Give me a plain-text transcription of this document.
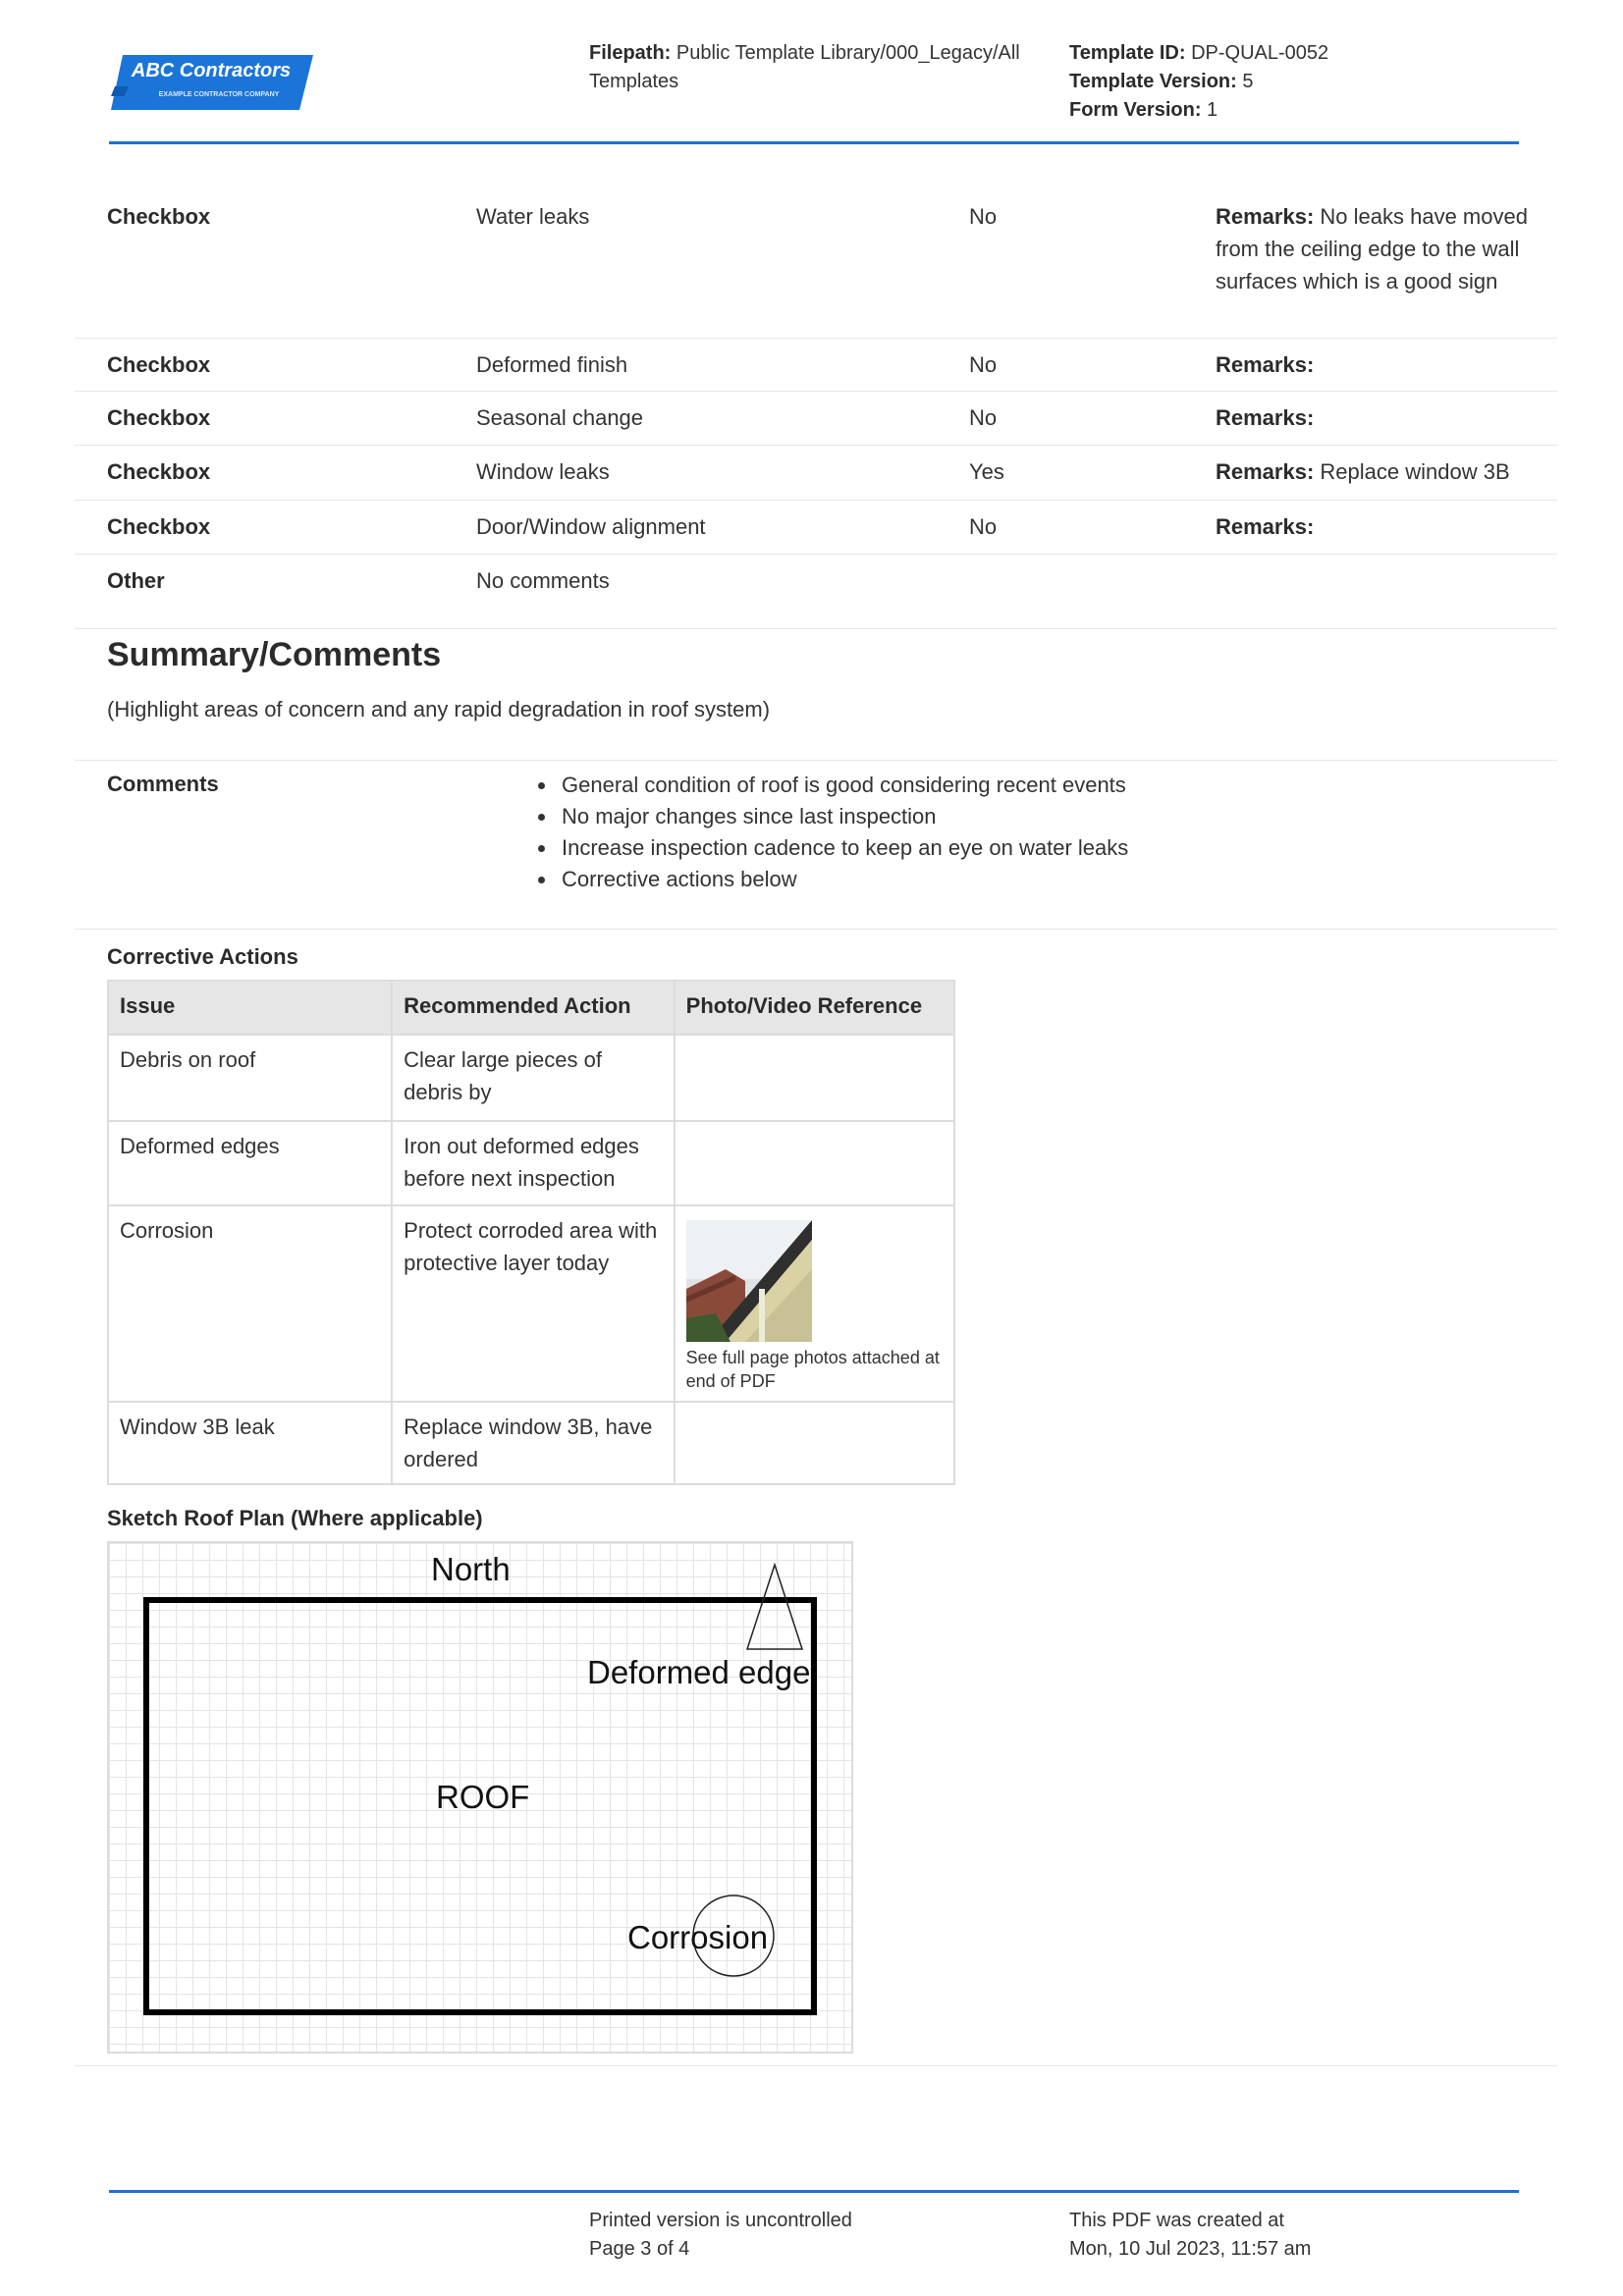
ABC Contractors
EXAMPLE CONTRACTOR COMPANY
Filepath: Public Template Library/000_Legacy/All
Templates
Template ID: DP-QUAL-0052
Template Version: 5
Form Version: 1
Checkbox	Water leaks	No	Remarks: No leaks have moved from the ceiling edge to the wall surfaces which is a good sign
Checkbox	Deformed finish	No	Remarks:
Checkbox	Seasonal change	No	Remarks:
Checkbox	Window leaks	Yes	Remarks: Replace window 3B
Checkbox	Door/Window alignment	No	Remarks:
Other	No comments
Summary/Comments
(Highlight areas of concern and any rapid degradation in roof system)
Comments	• General condition of roof is good considering recent events
• No major changes since last inspection
• Increase inspection cadence to keep an eye on water leaks
• Corrective actions below
Corrective Actions
Issue	Recommended Action	Photo/Video Reference
Debris on roof	Clear large pieces of debris by	
Deformed edges	Iron out deformed edges before next inspection	
Corrosion	Protect corroded area with protective layer today	See full page photos attached at end of PDF

Window 3B leak	Replace window 3B, have ordered	
Sketch Roof Plan (Where applicable)
North
Deformed edge
ROOF
Corrosion
Printed version is uncontrolled
Page 3 of 4
This PDF was created at
Mon, 10 Jul 2023, 11:57 am
